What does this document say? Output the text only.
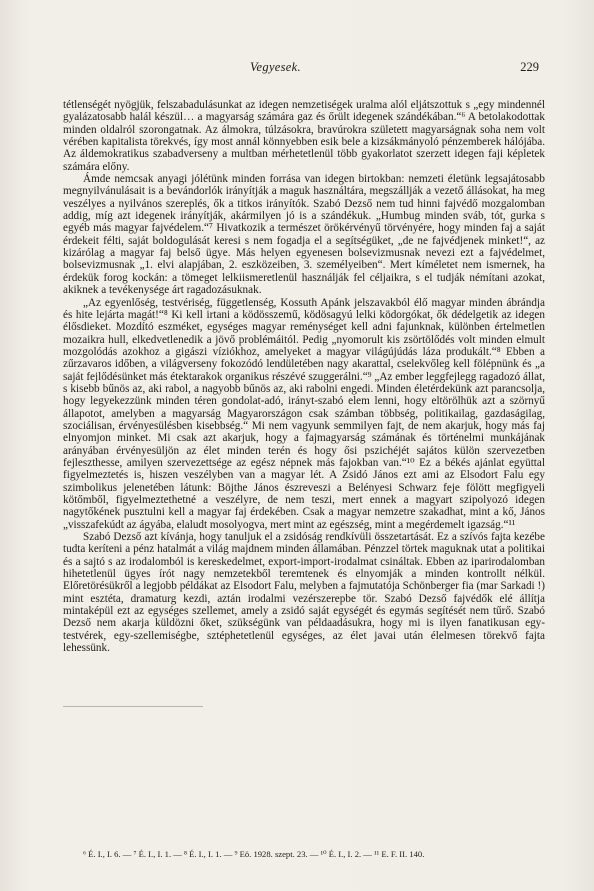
Vegyesek.	229

tétlenségét nyögjük, felszabadulásunkat az idegen nemzetiségek uralma alól eljátszottuk s „egy mindennél gyalázatosabb halál készül… a magyarság számára gaz és őrült idegenek szándékában.“⁶ A betolakodottak minden oldalról szorongatnak. Az álmokra, túlzásokra, bravúrokra született magyarságnak soha nem volt vérében kapitalista törekvés, így most annál könnyebben esik bele a kizsákmányoló pénzemberek hálójába. Az áldemokratikus szabadverseny a multban mérhetetlenül több gyakorlatot szerzett idegen faji képletek számára előny.

Ámde nemcsak anyagi jólétünk minden forrása van idegen birtokban: nemzeti életünk legsajátosabb megnyilvánulásait is a bevándorlók irányítják a maguk használtára, megszállják a vezető állásokat, ha meg veszélyes a nyilvános szereplés, ők a titkos irányítók. Szabó Dezső nem tud hinni fajvédő mozgalomban addig, míg azt idegenek irányítják, akármilyen jó is a szándékuk. „Humbug minden sváb, tót, gurka s egyéb más magyar fajvédelem.“⁷ Hivatkozik a természet örökérvényű törvényére, hogy minden faj a saját érdekeit félti, saját boldogulását keresi s nem fogadja el a segítségüket, „de ne fajvédjenek minket!“, az kizárólag a magyar faj belső ügye. Más helyen egyenesen bolsevizmusnak nevezi ezt a fajvédelmet, bolsevizmusnak „1. elvi alapjában, 2. eszközeiben, 3. személyeiben“. Mert kíméletet nem ismernek, ha érdekük forog kockán: a tömeget lelkiismeretlenül használják fel céljaikra, s el tudják némítani azokat, akiknek a tevékenysége árt ragadozásuknak.

„Az egyenlőség, testvériség, függetlenség, Kossuth Apánk jelszavakból élő magyar minden ábrándja és hite lejárta magát!“⁸ Ki kell irtani a ködösszemű, ködösagyú lelki ködorgókat, ők dédelgetik az idegen élősdieket. Mozdító eszméket, egységes magyar reménységet kell adni fajunknak, különben értelmetlen mozaikra hull, elkedvetlenedik a jövő problémáitól. Pedig „nyomorult kis zsörtölődés volt minden elmult mozgolódás azokhoz a gigászi víziókhoz, amelyeket a magyar világújúdás láza produkált.“⁸ Ebben a zűrzavaros időben, a világverseny fokozódó lendületében nagy akarattal, cselekvőleg kell fölépnünk és „a saját fejlődésünket más étektarakok organikus részévé szuggerálni.“⁹ „Az ember leggfejlegg ragadozó állat, s kisebb bűnös az, aki rabol, a nagyobb bűnös az, aki rabolni engedi. Minden életérdekünk azt parancsolja, hogy legyekezzünk minden téren gondolat-adó, irányt-szabó elem lenni, hogy eltörölhük azt a szörnyű állapotot, amelyben a magyarság Magyarországon csak számban többség, politikailag, gazdaságilag, szociálisan, érvényesülésben kisebbség.“ Mi nem vagyunk semmilyen fajt, de nem akarjuk, hogy más faj elnyomjon minket. Mi csak azt akarjuk, hogy a fajmagyarság számának és történelmi munkájának arányában érvényesüljön az élet minden terén és hogy ősi pszichéjét sajátos külön szervezetben fejleszthesse, amilyen szervezettsége az egész népnek más fajokban van.“¹⁰ Ez a békés ajánlat együttal figyelmeztetés is, hiszen veszélyben van a magyar lét. A Zsidó János ezt ami az Elsodort Falu egy szimbolikus jelenetében látunk: Böjthe János észreveszi a Belényesi Schwarz feje fölött megfigyeli kötőmből, figyelmeztethetné a veszélyre, de nem teszi, mert ennek a magyart szipolyozó idegen nagytőkének pusztulni kell a magyar faj érdekében. Csak a magyar nemzetre szakadhat, mint a kő, János „visszafekúdt az ágyába, elaludt mosolyogva, mert mint az egészség, mint a megérdemelt igazság.“¹¹

Szabó Dezső azt kívánja, hogy tanuljuk el a zsidóság rendkívüli összetartását. Ez a szívós fajta kezébe tudta keríteni a pénz hatalmát a világ majdnem minden államában. Pénzzel törtek maguknak utat a politikai és a sajtó s az irodalomból is kereskedelmet, export-import-irodalmat csináltak. Ebben az iparirodalomban hihetetlenül ügyes írót nagy nemzetekből teremtenek és elnyomják a minden kontrollt nélkül. Előretörésükről a legjobb példákat az Elsodort Falu, melyben a fajmutatója Schönberger fia (mar Sarkadi !) mint esztéta, dramaturg kezdi, aztán irodalmi vezérszerepbe tör. Szabó Dezső fajvédők elé állítja mintaképül ezt az egységes szellemet, amely a zsidó saját egységét és egymás segítését nem tűrő. Szabó Dezső nem akarja küldözni őket, szükségünk van példaadásukra, hogy mi is ilyen fanatikusan egy-testvérek, egy-szellemiségbe, sztéphetetlenül egységes, az élet javai után élelmesen törekvő fajta lehessünk.

⁶ É. I., I. 6. — ⁷ É. I., I. 1. — ⁸ É. I., I. 1. — ⁹ Eö. 1928. szept. 23. — ¹⁰ É. I., I. 2. — ¹¹ E. F. II. 140.
